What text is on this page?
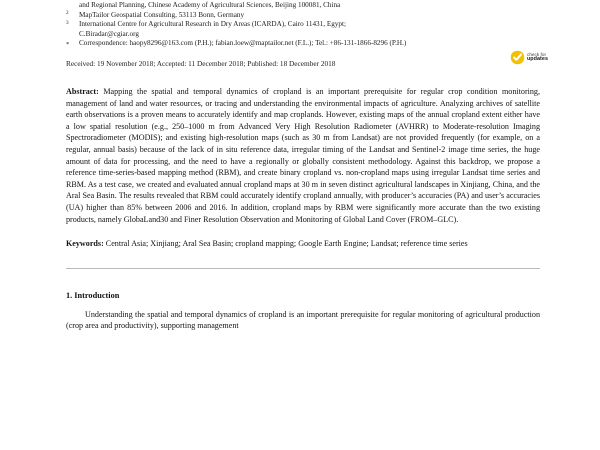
and Regional Planning, Chinese Academy of Agricultural Sciences, Beijing 100081, China
2	MapTailor Geospatial Consulting, 53113 Bonn, Germany
3	International Centre for Agricultural Research in Dry Areas (ICARDA), Cairo 11431, Egypt;
C.Biradar@cgiar.org
*	Correspondence: haopy8296@163.com (P.H.); fabian.loew@maptailor.net (F.L.); Tel.: +86-131-1866-8296 (P.H.)
Received: 19 November 2018; Accepted: 11 December 2018; Published: 18 December 2018
check for
updates
Abstract: Mapping the spatial and temporal dynamics of cropland is an important prerequisite for regular crop condition monitoring, management of land and water resources, or tracing and understanding the environmental impacts of agriculture. Analyzing archives of satellite earth observations is a proven means to accurately identify and map croplands. However, existing maps of the annual cropland extent either have a low spatial resolution (e.g., 250–1000 m from Advanced Very High Resolution Radiometer (AVHRR) to Moderate-resolution Imaging Spectroradiometer (MODIS); and existing high-resolution maps (such as 30 m from Landsat) are not provided frequently (for example, on a regular, annual basis) because of the lack of in situ reference data, irregular timing of the Landsat and Sentinel-2 image time series, the huge amount of data for processing, and the need to have a regionally or globally consistent methodology. Against this backdrop, we propose a reference time-series-based mapping method (RBM), and create binary cropland vs. non-cropland maps using irregular Landsat time series and RBM. As a test case, we created and evaluated annual cropland maps at 30 m in seven distinct agricultural landscapes in Xinjiang, China, and the Aral Sea Basin. The results revealed that RBM could accurately identify cropland annually, with producer’s accuracies (PA) and user’s accuracies (UA) higher than 85% between 2006 and 2016. In addition, cropland maps by RBM were significantly more accurate than the two existing products, namely GlobaLand30 and Finer Resolution Observation and Monitoring of Global Land Cover (FROM–GLC).
Keywords: Central Asia; Xinjiang; Aral Sea Basin; cropland mapping; Google Earth Engine; Landsat; reference time series
1. Introduction
Understanding the spatial and temporal dynamics of cropland is an important prerequisite for regular monitoring of agricultural production (crop area and productivity), supporting management
